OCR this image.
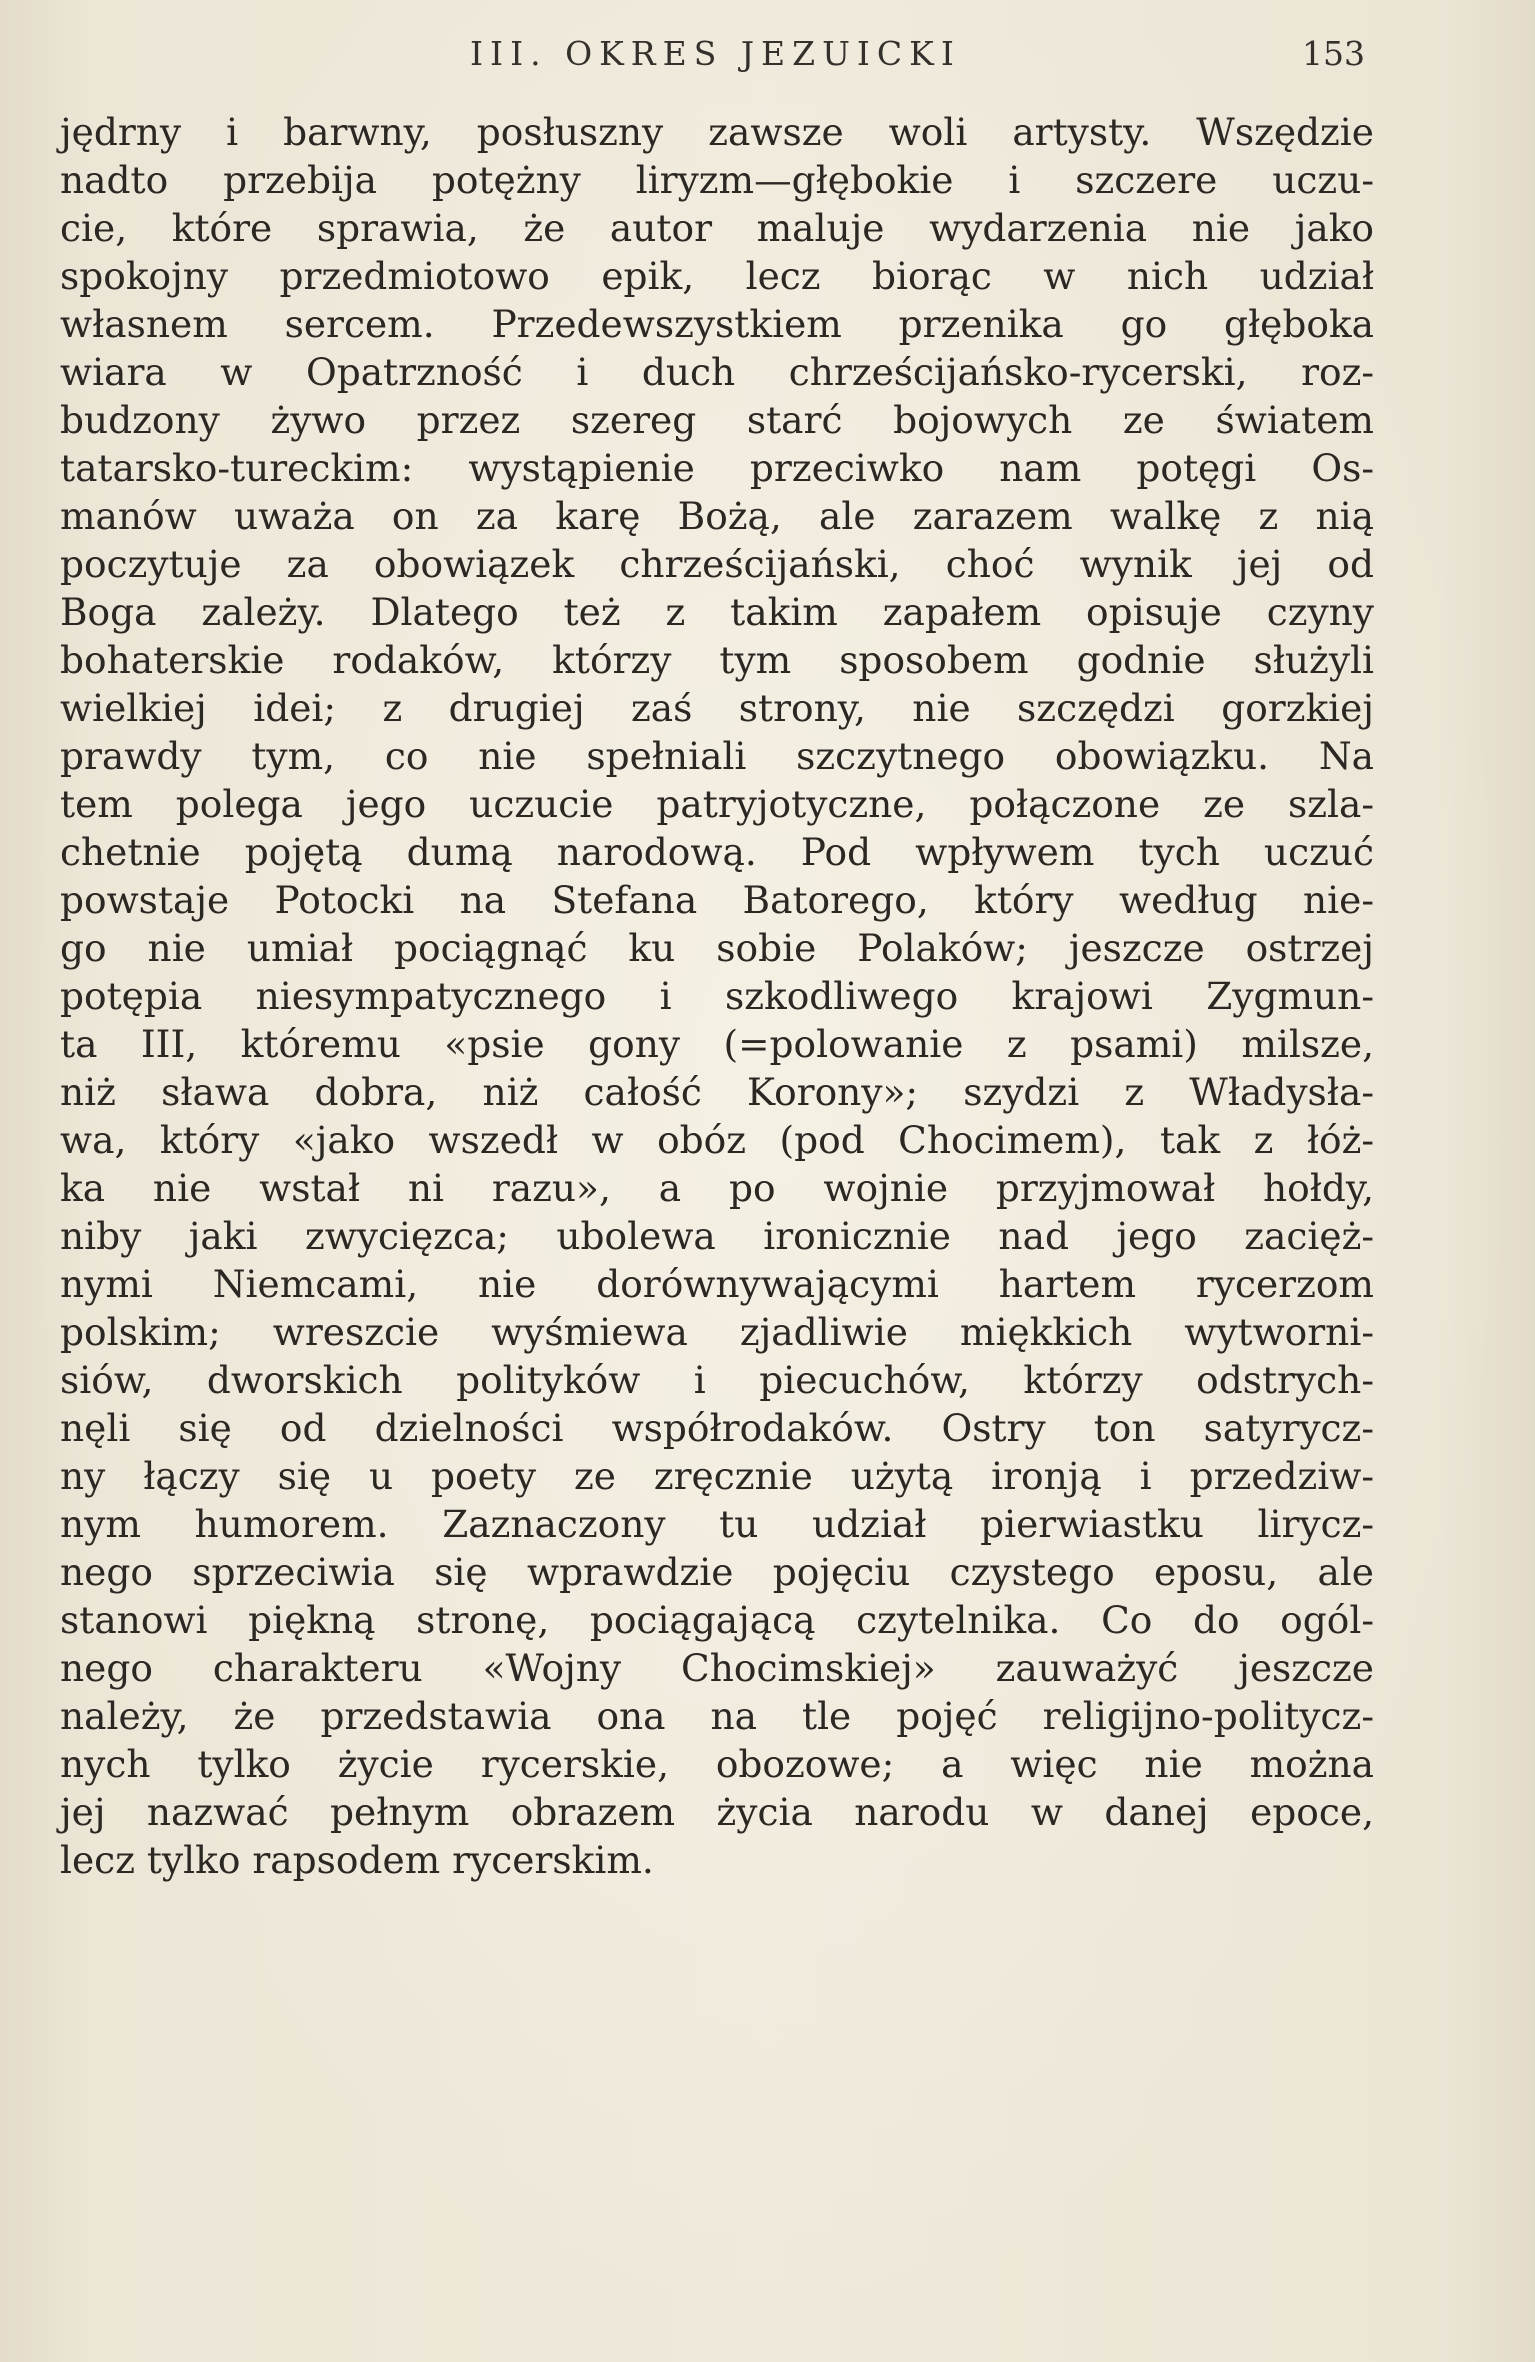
III. OKRES JEZUICKI	153
jędrny i barwny, posłuszny zawsze woli artysty. Wszędzie
nadto przebija potężny liryzm—głębokie i szczere uczu-
cie, które sprawia, że autor maluje wydarzenia nie jako
spokojny przedmiotowo epik, lecz biorąc w nich udział
własnem sercem. Przedewszystkiem przenika go głęboka
wiara w Opatrzność i duch chrześcijańsko-rycerski, roz-
budzony żywo przez szereg starć bojowych ze światem
tatarsko-tureckim: wystąpienie przeciwko nam potęgi Os-
manów uważa on za karę Bożą, ale zarazem walkę z nią
poczytuje za obowiązek chrześcijański, choć wynik jej od
Boga zależy. Dlatego też z takim zapałem opisuje czyny
bohaterskie rodaków, którzy tym sposobem godnie służyli
wielkiej idei; z drugiej zaś strony, nie szczędzi gorzkiej
prawdy tym, co nie spełniali szczytnego obowiązku. Na
tem polega jego uczucie patryjotyczne, połączone ze szla-
chetnie pojętą dumą narodową. Pod wpływem tych uczuć
powstaje Potocki na Stefana Batorego, który według nie-
go nie umiał pociągnąć ku sobie Polaków; jeszcze ostrzej
potępia niesympatycznego i szkodliwego krajowi Zygmun-
ta III, któremu «psie gony (=polowanie z psami) milsze,
niż sława dobra, niż całość Korony»; szydzi z Władysła-
wa, który «jako wszedł w obóz (pod Chocimem), tak z łóż-
ka nie wstał ni razu», a po wojnie przyjmował hołdy,
niby jaki zwycięzca; ubolewa ironicznie nad jego zacięż-
nymi Niemcami, nie dorównywającymi hartem rycerzom
polskim; wreszcie wyśmiewa zjadliwie miękkich wytworni-
siów, dworskich polityków i piecuchów, którzy odstrych-
nęli się od dzielności współrodaków. Ostry ton satyrycz-
ny łączy się u poety ze zręcznie użytą ironją i przedziw-
nym humorem. Zaznaczony tu udział pierwiastku lirycz-
nego sprzeciwia się wprawdzie pojęciu czystego eposu, ale
stanowi piękną stronę, pociągającą czytelnika. Co do ogól-
nego charakteru «Wojny Chocimskiej» zauważyć jeszcze
należy, że przedstawia ona na tle pojęć religijno-politycz-
nych tylko życie rycerskie, obozowe; a więc nie można
jej nazwać pełnym obrazem życia narodu w danej epoce,
lecz tylko rapsodem rycerskim.
